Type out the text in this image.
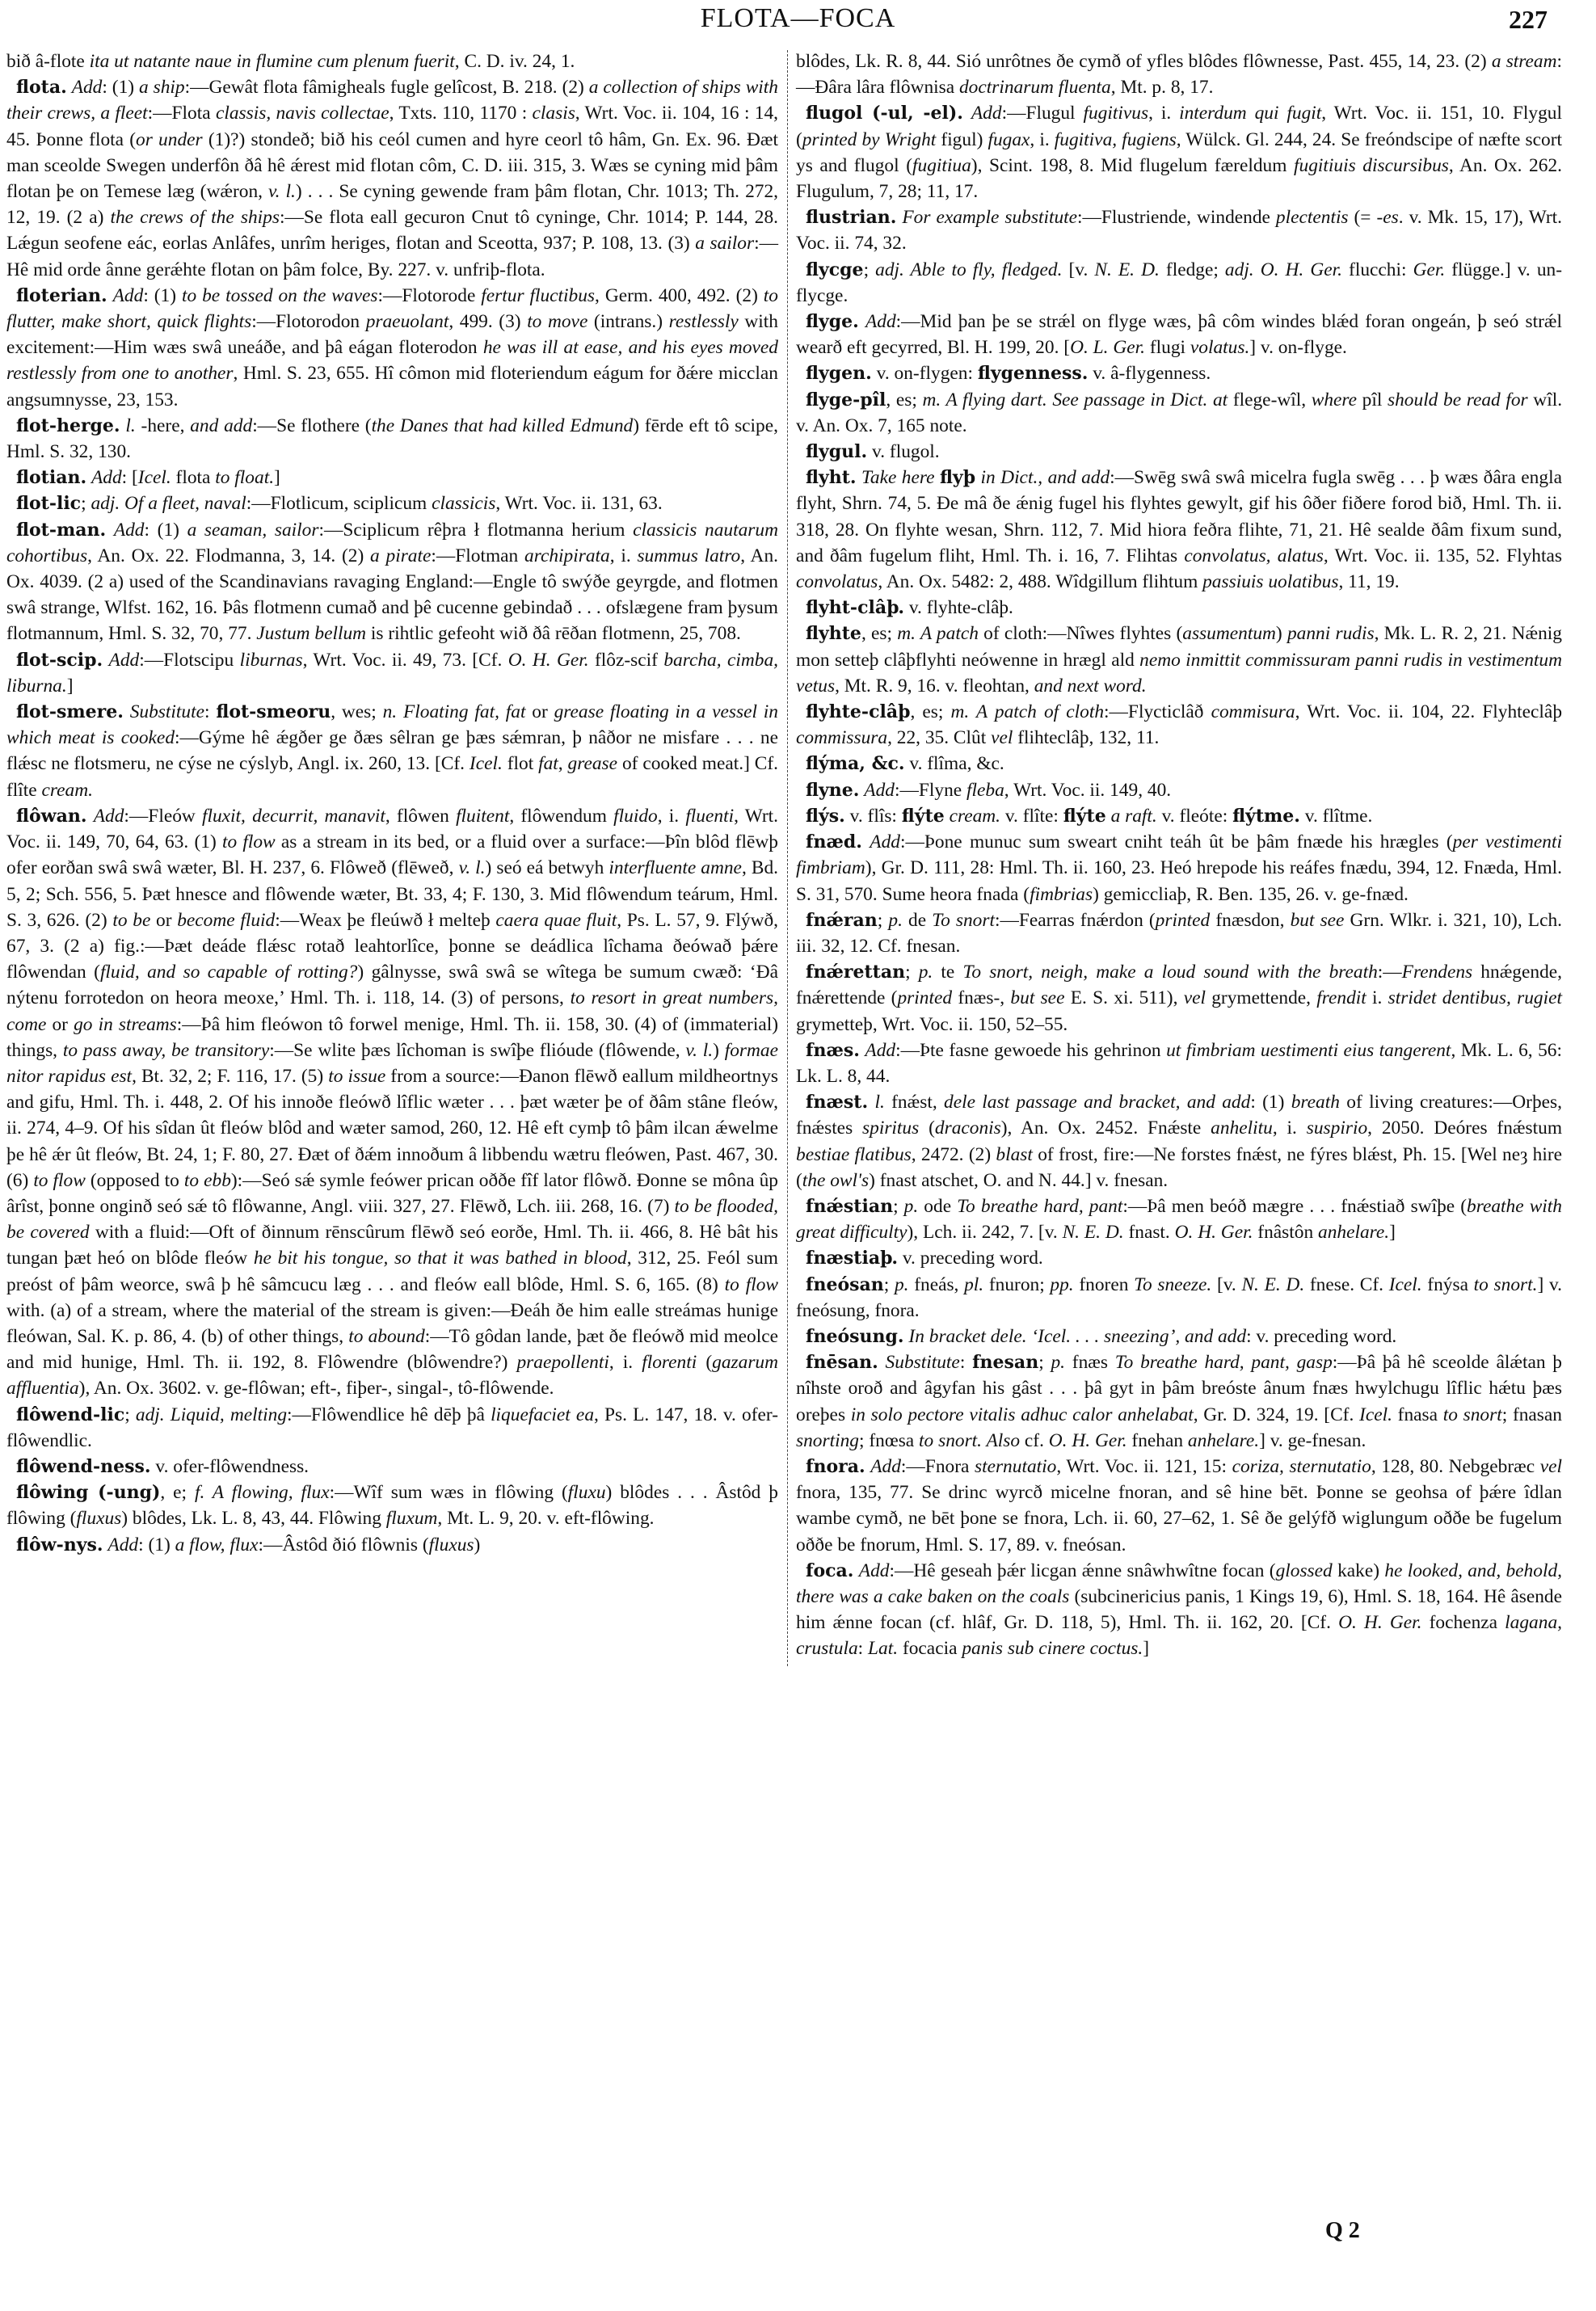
FLOTA—FOCA	227

bið â-flote ita ut natante naue in flumine cum plenum fuerit, C. D. iv. 24, 1.

flota. Add: (1) a ship:—Gewât flota fâmigheals fugle gelîcost, B. 218. (2) a collection of ships with their crews, a fleet:—Flota classis, navis collectae, Txts. 110, 1170 : clasis, Wrt. Voc. ii. 104, 16 : 14, 45. Þonne flota (or under (1)?) stondeð; bið his ceól cumen and hyre ceorl tô hâm, Gn. Ex. 96. Ðæt man sceolde Swegen underfôn ðâ hê ǽrest mid flotan côm, C. D. iii. 315, 3. Wæs se cyning mid þâm flotan þe on Temese læg (wǽron, v. l.) . . . Se cyning gewende fram þâm flotan, Chr. 1013; Th. 272, 12, 19. (2 a) the crews of the ships:—Se flota eall gecuron Cnut tô cyninge, Chr. 1014; P. 144, 28. Lǽgun seofene eác, eorlas Anlâfes, unrîm heriges, flotan and Sceotta, 937; P. 108, 13. (3) a sailor:—Hê mid orde ânne gerǽhte flotan on þâm folce, By. 227. v. unfriþ-flota.

floterian. Add: (1) to be tossed on the waves:—Flotorode fertur fluctibus, Germ. 400, 492. (2) to flutter, make short, quick flights:—Flotorodon praeuolant, 499. (3) to move (intrans.) restlessly with excitement:—Him wæs swâ uneáðe, and þâ eágan floterodon he was ill at ease, and his eyes moved restlessly from one to another, Hml. S. 23, 655. Hî cômon mid floteriendum eágum for ðǽre micclan angsumnysse, 23, 153.

flot-herge. l. -here, and add:—Se flothere (the Danes that had killed Edmund) fērde eft tô scipe, Hml. S. 32, 130.

flotian. Add: [Icel. flota to float.]

flot-lic; adj. Of a fleet, naval:—Flotlicum, sciplicum classicis, Wrt. Voc. ii. 131, 63.

flot-man. Add: (1) a seaman, sailor:—Sciplicum rêþra ł flotmanna herium classicis nautarum cohortibus, An. Ox. 22. Flodmanna, 3, 14. (2) a pirate:—Flotman archipirata, i. summus latro, An. Ox. 4039. (2 a) used of the Scandinavians ravaging England:—Engle tô swýðe geyrgde, and flotmen swâ strange, Wlfst. 162, 16. Þâs flotmenn cumað and þê cucenne gebindað . . . ofslægene fram þysum flotmannum, Hml. S. 32, 70, 77. Justum bellum is rihtlic gefeoht wið ðâ rēðan flotmenn, 25, 708.

flot-scip. Add:—Flotscipu liburnas, Wrt. Voc. ii. 49, 73. [Cf. O. H. Ger. flôz-scif barcha, cimba, liburna.]

flot-smere. Substitute: flot-smeoru, wes; n. Floating fat, fat or grease floating in a vessel in which meat is cooked:—Gýme hê ǽgðer ge ðæs sêlran ge þæs sǽmran, þ nâðor ne misfare . . . ne flǽsc ne flotsmeru, ne cýse ne cýslyb, Angl. ix. 260, 13. [Cf. Icel. flot fat, grease of cooked meat.] Cf. flîte cream.

flôwan. Add:—Fleów fluxit, decurrit, manavit, flôwen fluitent, flôwendum fluido, i. fluenti, Wrt. Voc. ii. 149, 70, 64, 63. (1) to flow as a stream in its bed, or a fluid over a surface:—Þîn blôd flēwþ ofer eorðan swâ swâ wæter, Bl. H. 237, 6. Flôweð (flēweð, v. l.) seó eá betwyh interfluente amne, Bd. 5, 2; Sch. 556, 5. Þæt hnesce and flôwende wæter, Bt. 33, 4; F. 130, 3. Mid flôwendum teárum, Hml. S. 3, 626. (2) to be or become fluid:—Weax þe fleúwð ł melteþ caera quae fluit, Ps. L. 57, 9. Flýwð, 67, 3. (2 a) fig.:—Þæt deáde flǽsc rotað leahtorlîce, þonne se deádlica lîchama ðeówað þǽre flôwendan (fluid, and so capable of rotting?) gâlnysse, swâ swâ se wîtega be sumum cwæð: ‘Ðâ nýtenu forrotedon on heora meoxe,’ Hml. Th. i. 118, 14. (3) of persons, to resort in great numbers, come or go in streams:—Þâ him fleówon tô forwel menige, Hml. Th. ii. 158, 30. (4) of (immaterial) things, to pass away, be transitory:—Se wlite þæs lîchoman is swîþe flióude (flôwende, v. l.) formae nitor rapidus est, Bt. 32, 2; F. 116, 17. (5) to issue from a source:—Ðanon flēwð eallum mildheortnys and gifu, Hml. Th. i. 448, 2. Of his innoðe fleówð lîflic wæter . . . þæt wæter þe of ðâm stâne fleów, ii. 274, 4–9. Of his sîdan ût fleów blôd and wæter samod, 260, 12. Hê eft cymþ tô þâm ilcan ǽwelme þe hê ǽr ût fleów, Bt. 24, 1; F. 80, 27. Ðæt of ðǽm innoðum â libbendu wætru fleówen, Past. 467, 30. (6) to flow (opposed to to ebb):—Seó sǽ symle feówer prican oððe fîf lator flôwð. Ðonne se môna ûp ârîst, þonne onginð seó sǽ tô flôwanne, Angl. viii. 327, 27. Flēwð, Lch. iii. 268, 16. (7) to be flooded, be covered with a fluid:—Oft of ðinnum rēnscûrum flēwð seó eorðe, Hml. Th. ii. 466, 8. Hê bât his tungan þæt heó on blôde fleów he bit his tongue, so that it was bathed in blood, 312, 25. Feól sum preóst of þâm weorce, swâ þ hê sâmcucu læg . . . and fleów eall blôde, Hml. S. 6, 165. (8) to flow with. (a) of a stream, where the material of the stream is given:—Ðeáh ðe him ealle streámas hunige fleówan, Sal. K. p. 86, 4. (b) of other things, to abound:—Tô gôdan lande, þæt ðe fleówð mid meolce and mid hunige, Hml. Th. ii. 192, 8. Flôwendre (blôwendre?) praepollenti, i. florenti (gazarum affluentia), An. Ox. 3602. v. ge-flôwan; eft-, fiþer-, singal-, tô-flôwende.

flôwend-lic; adj. Liquid, melting:—Flôwendlice hê dēþ þâ liquefaciet ea, Ps. L. 147, 18. v. ofer-flôwendlic.

flôwend-ness. v. ofer-flôwendness.

flôwing (-ung), e; f. A flowing, flux:—Wîf sum wæs in flôwing (fluxu) blôdes . . . Âstôd þ flôwing (fluxus) blôdes, Lk. L. 8, 43, 44. Flôwing fluxum, Mt. L. 9, 20. v. eft-flôwing.

flôw-nys. Add: (1) a flow, flux:—Âstôd ðió flôwnis (fluxus)

blôdes, Lk. R. 8, 44. Sió unrôtnes ðe cymð of yfles blôdes flôwnesse, Past. 455, 14, 23. (2) a stream:—Ðâra lâra flôwnisa doctrinarum fluenta, Mt. p. 8, 17.

flugol (-ul, -el). Add:—Flugul fugitivus, i. interdum qui fugit, Wrt. Voc. ii. 151, 10. Flygul (printed by Wright figul) fugax, i. fugitiva, fugiens, Wülck. Gl. 244, 24. Se freóndscipe of næfte scort ys and flugol (fugitiua), Scint. 198, 8. Mid flugelum færeldum fugitiuis discursibus, An. Ox. 262. Flugulum, 7, 28; 11, 17.

flustrian. For example substitute:—Flustriende, windende plectentis (= -es. v. Mk. 15, 17), Wrt. Voc. ii. 74, 32.

flycge; adj. Able to fly, fledged. [v. N. E. D. fledge; adj. O. H. Ger. flucchi: Ger. flügge.] v. un-flycge.

flyge. Add:—Mid þan þe se strǽl on flyge wæs, þâ côm windes blǽd foran ongeán, þ seó strǽl wearð eft gecyrred, Bl. H. 199, 20. [O. L. Ger. flugi volatus.] v. on-flyge.

flygen. v. on-flygen: flygenness. v. â-flygenness.

flyge-pîl, es; m. A flying dart. See passage in Dict. at flege-wîl, where pîl should be read for wîl. v. An. Ox. 7, 165 note.

flygul. v. flugol.

flyht. Take here flyþ in Dict., and add:—Swēg swâ swâ micelra fugla swēg . . . þ wæs ðâra engla flyht, Shrn. 74, 5. Ðe mâ ðe ǽnig fugel his flyhtes gewylt, gif his ôðer fiðere forod bið, Hml. Th. ii. 318, 28. On flyhte wesan, Shrn. 112, 7. Mid hiora feðra flihte, 71, 21. Hê sealde ðâm fixum sund, and ðâm fugelum fliht, Hml. Th. i. 16, 7. Flihtas convolatus, alatus, Wrt. Voc. ii. 135, 52. Flyhtas convolatus, An. Ox. 5482: 2, 488. Wîdgillum flihtum passiuis uolatibus, 11, 19.

flyht-clâþ. v. flyhte-clâþ.

flyhte, es; m. A patch of cloth:—Nîwes flyhtes (assumentum) panni rudis, Mk. L. R. 2, 21. Nǽnig mon setteþ clâþflyhti neówenne in hrægl ald nemo inmittit commissuram panni rudis in vestimentum vetus, Mt. R. 9, 16. v. fleohtan, and next word.

flyhte-clâþ, es; m. A patch of cloth:—Flycticlâð commisura, Wrt. Voc. ii. 104, 22. Flyhteclâþ commissura, 22, 35. Clût vel flihteclâþ, 132, 11.

flýma, &c. v. flîma, &c.

flyne. Add:—Flyne fleba, Wrt. Voc. ii. 149, 40.

flýs. v. flîs: flýte cream. v. flîte: flýte a raft. v. fleóte: flýtme. v. flîtme.

fnæd. Add:—Þone munuc sum sweart cniht teáh ût be þâm fnæde his hrægles (per vestimenti fimbriam), Gr. D. 111, 28: Hml. Th. ii. 160, 23. Heó hrepode his reáfes fnædu, 394, 12. Fnæda, Hml. S. 31, 570. Sume heora fnada (fimbrias) gemiccliaþ, R. Ben. 135, 26. v. ge-fnæd.

fnǽran; p. de To snort:—Fearras fnǽrdon (printed fnæsdon, but see Grn. Wlkr. i. 321, 10), Lch. iii. 32, 12. Cf. fnesan.

fnǽrettan; p. te To snort, neigh, make a loud sound with the breath:—Frendens hnǽgende, fnǽrettende (printed fnæs-, but see E. S. xi. 511), vel grymettende, frendit i. stridet dentibus, rugiet grymetteþ, Wrt. Voc. ii. 150, 52–55.

fnæs. Add:—Þte fasne gewoede his gehrinon ut fimbriam uestimenti eius tangerent, Mk. L. 6, 56: Lk. L. 8, 44.

fnæst. l. fnǽst, dele last passage and bracket, and add: (1) breath of living creatures:—Orþes, fnǽstes spiritus (draconis), An. Ox. 2452. Fnǽste anhelitu, i. suspirio, 2050. Deóres fnǽstum bestiae flatibus, 2472. (2) blast of frost, fire:—Ne forstes fnǽst, ne fýres blǽst, Ph. 15. [Wel neȝ hire (the owl's) fnast atschet, O. and N. 44.] v. fnesan.

fnǽstian; p. ode To breathe hard, pant:—Þâ men beóð mægre . . . fnǽstiað swîþe (breathe with great difficulty), Lch. ii. 242, 7. [v. N. E. D. fnast. O. H. Ger. fnâstôn anhelare.]

fnæstiaþ. v. preceding word.

fneósan; p. fneás, pl. fnuron; pp. fnoren To sneeze. [v. N. E. D. fnese. Cf. Icel. fnýsa to snort.] v. fneósung, fnora.

fneósung. In bracket dele. ‘Icel. . . . sneezing’, and add: v. preceding word.

fnēsan. Substitute: fnesan; p. fnæs To breathe hard, pant, gasp:—Þâ þâ hê sceolde âlǽtan þ nîhste oroð and âgyfan his gâst . . . þâ gyt in þâm breóste ânum fnæs hwylchugu lîflic hǽtu þæs oreþes in solo pectore vitalis adhuc calor anhelabat, Gr. D. 324, 19. [Cf. Icel. fnasa to snort; fnasan snorting; fnœsa to snort. Also cf. O. H. Ger. fnehan anhelare.] v. ge-fnesan.

fnora. Add:—Fnora sternutatio, Wrt. Voc. ii. 121, 15: coriza, sternutatio, 128, 80. Nebgebræc vel fnora, 135, 77. Se drinc wyrcð micelne fnoran, and sê hine bēt. Þonne se geohsa of þǽre îdlan wambe cymð, ne bēt þone se fnora, Lch. ii. 60, 27–62, 1. Sê ðe gelýfð wiglungum oððe be fugelum oððe be fnorum, Hml. S. 17, 89. v. fneósan.

foca. Add:—Hê geseah þǽr licgan ǽnne snâwhwîtne focan (glossed kake) he looked, and, behold, there was a cake baken on the coals (subcinericius panis, 1 Kings 19, 6), Hml. S. 18, 164. Hê âsende him ǽnne focan (cf. hlâf, Gr. D. 118, 5), Hml. Th. ii. 162, 20. [Cf. O. H. Ger. fochenza lagana, crustula: Lat. focacia panis sub cinere coctus.]

Q 2
